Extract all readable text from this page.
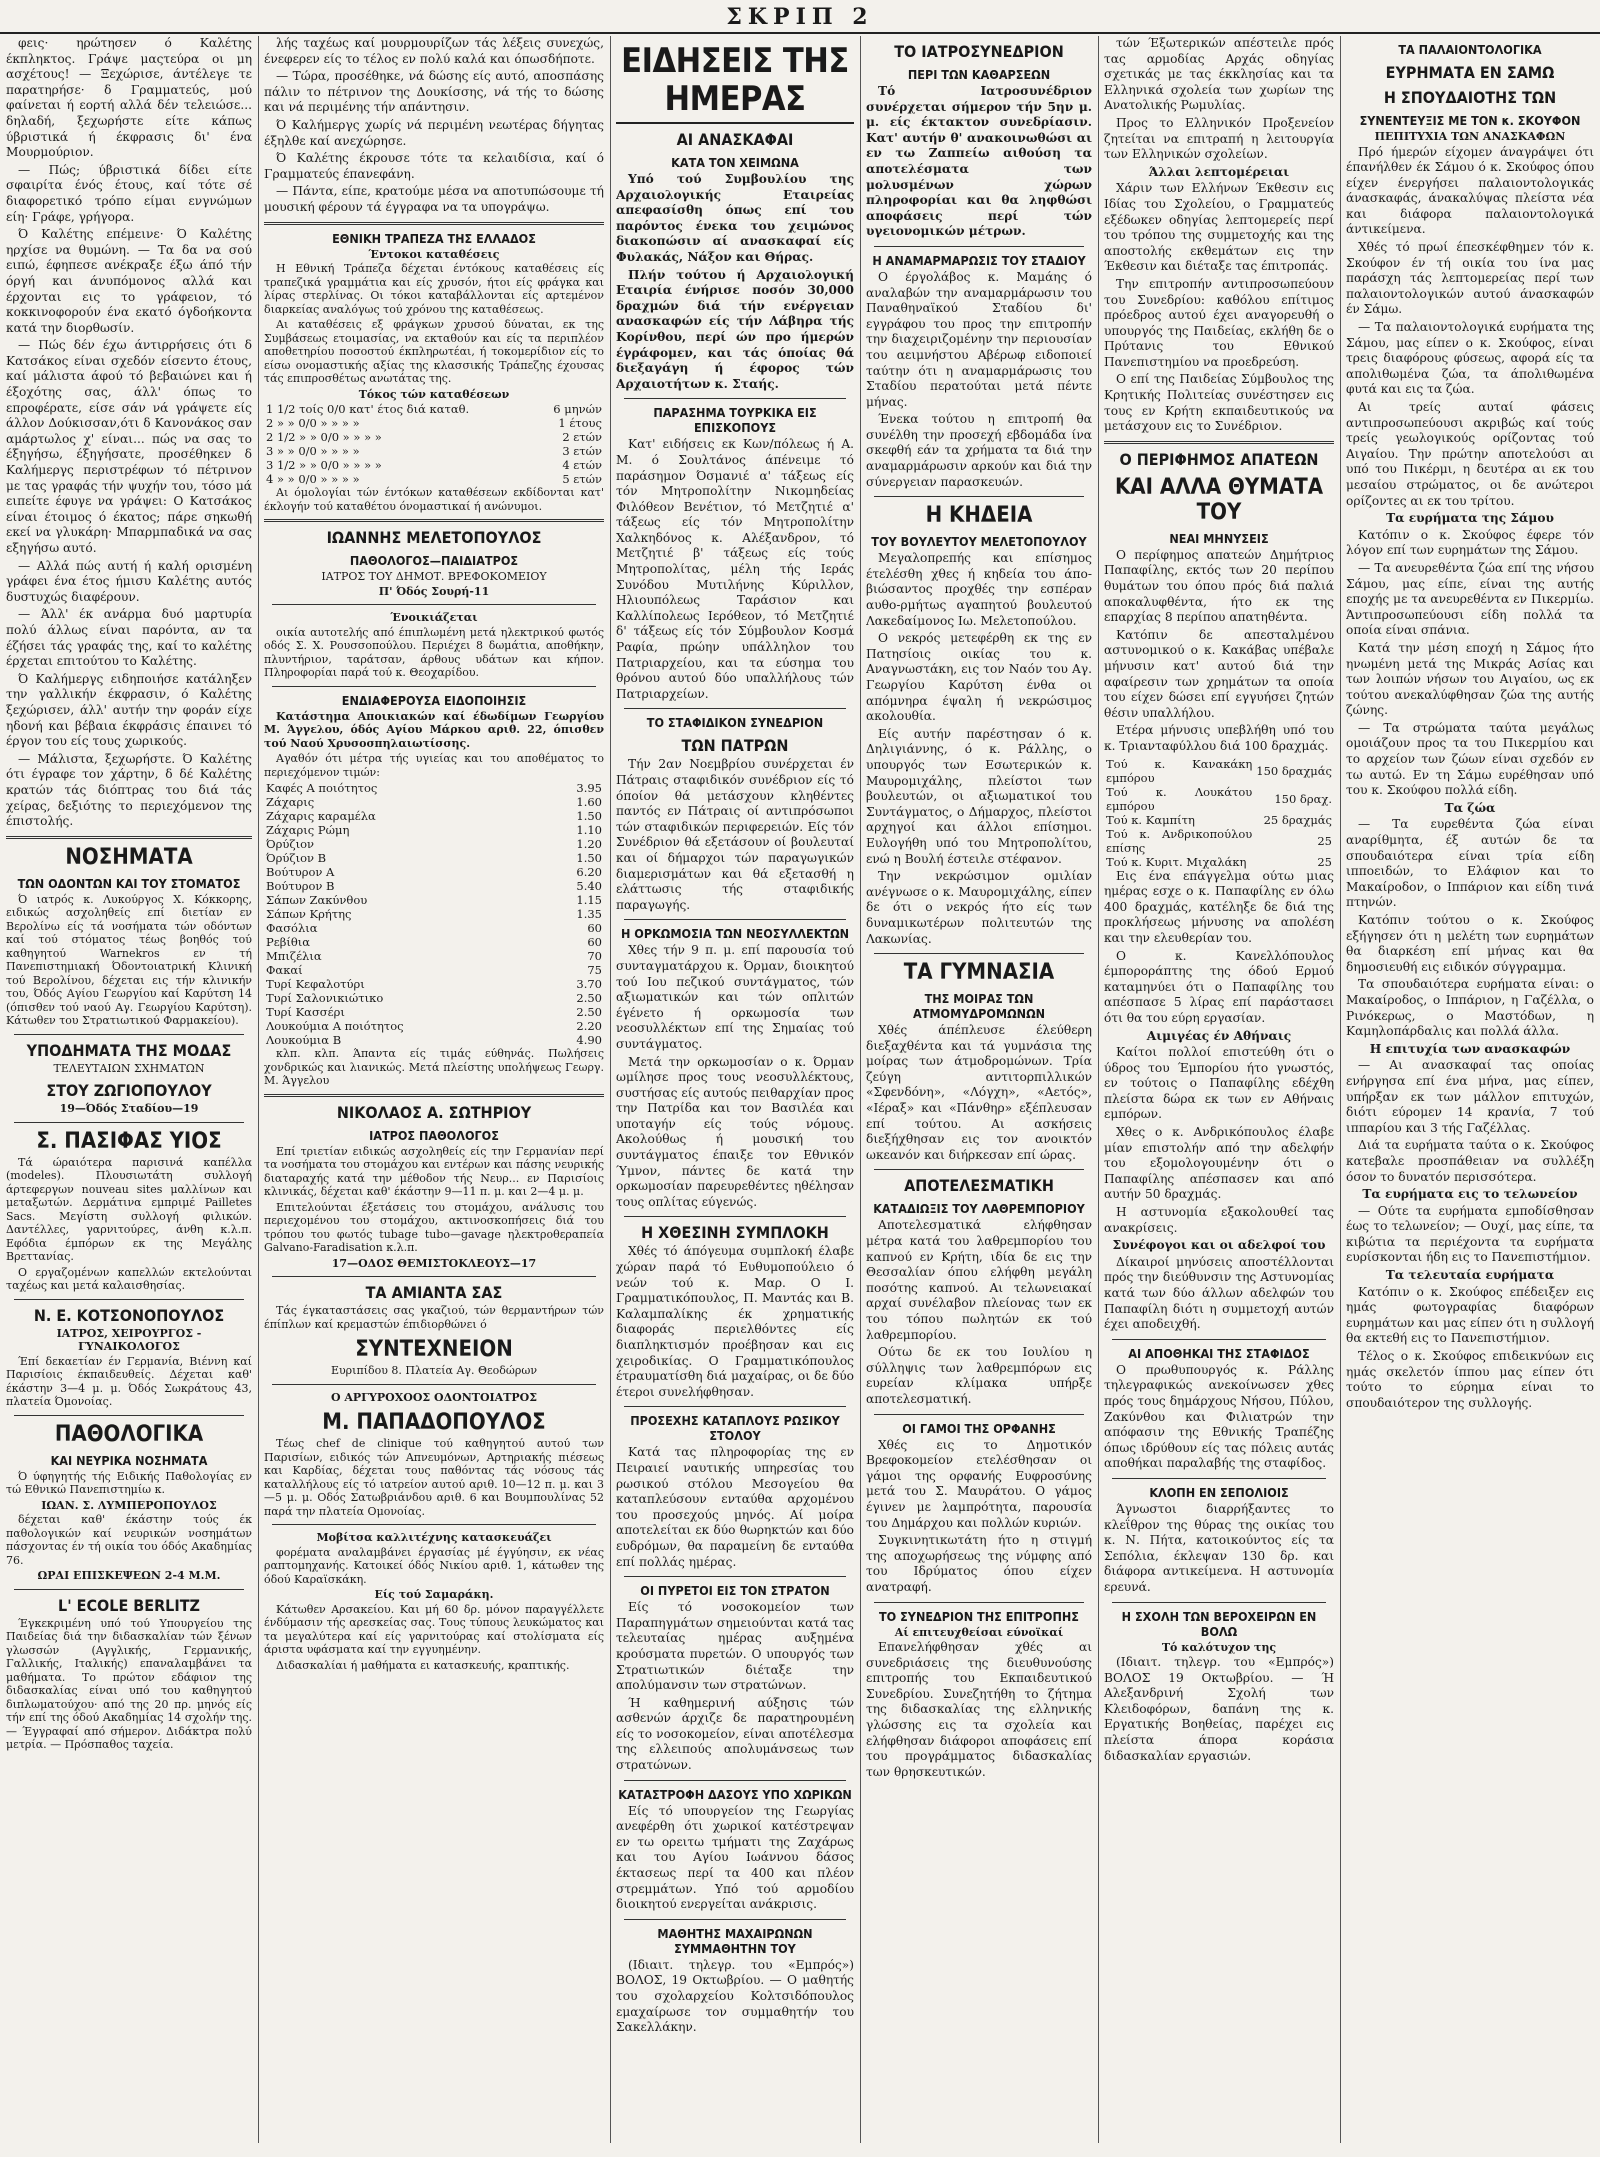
ΣΚΡΙΠ 2

φεις· ηρώτησεν ό Καλέτης έκπληκτος. Γράψε μαςτεύρα οι μη ασχέτους! — Ξεχώρισε, άντέλεγε τε παρατηρήσε· δ Γραμματεύς, μού φαίνεται ή εορτή αλλά δέν τελειώσε... δηλαδή, ξεχωρήστε είτε κάπως ύβριστικά ή έκφρασις δι' ένα Μουρμούριον.

— Πώς; ύβριστικά δίδει είτε σφαιρίτα ένός έτους, καί τότε σέ διαφορετικό τρόπο είμαι ενγνώμων είη· Γράφε, γρήγορα.

Ό Καλέτης επέμεινε· Ό Καλέτης ηρχίσε να θυμώνη. — Τα δα να σού ειπώ, έφηπεσε ανέκραξε έξω άπό τήν όργή και άνυπόμονος αλλά και έρχονται εις το γράφειον, τό κοκκινοφορούν ένα εκατό όγδοήκοντα κατά την διορθωσίν.

— Πώς δέν έχω άντιρρήσεις ότι δ Κατσάκος είναι σχεδόν είσεντο έτους, καί μάλιστα άφού τό βεβαιώνει και ή έξοχότης σας, άλλ' όπως το επροφέρατε, είσε σάν νά γράψετε είς άλλον Δούκισσαν,ότι δ Κανονάκος σαν αμάρτωλος χ' είναι... πώς να σας το έξηγήσω, έξηγήσατε, προσέθηκεν δ Καλήμεργς περιστρέφων τό πέτρινον με τας γραφάς τήν ψυχήν του, τόσο μά ειπείτε έφυγε να γράψει: Ο Κατσάκος είναι έτοιμος ό έκατος; πάρε σηκωθή εκεί να γλυκάρη· Μπαρμπαδικά να σας εξηγήσω αυτό.

— Αλλά πώς αυτή ή καλή ορισμένη γράφει ένα έτος ήμισυ Καλέτης αυτός δυστυχώς διαφέρουν.

— Άλλ' έκ ανάρμα δυό μαρτυρία πολύ άλλως είναι παρόντα, αν τα έζήσει τάς γραφάς της, καί το καλέτης έρχεται επιτούτου το Καλέτης.

Ό Καλήμεργς ειδηποιήσε κατάληξεν την γαλλικήν έκφρασιν, ό Καλέτης ξεχώρισεν, άλλ' αυτήν την φοράν είχε ηδονή και βέβαια έκφράσις έπαινει τό έργον του είς τους χωρικούς.

— Μάλιστα, ξεχωρήστε. Ό Καλέτης ότι έγραφε τον χάρτην, δ δέ Καλέτης κρατών τάς διόπτρας του διά τάς χείρας, δεξιότης το περιεχόμενον της έπιστολής.

ΝΟΣΗΜΑΤΑ
ΤΩΝ ΟΔΟΝΤΩΝ ΚΑΙ ΤΟΥ ΣΤΟΜΑΤΟΣ

Ό ιατρός κ. Λυκούργος Χ. Κόκκορης, ειδικώς ασχοληθείς επί διετίαν εν Βερολίνω είς τά νοσήματα τών οδόντων καί τού στόματος τέως βοηθός τού καθηγητού Warnekros εν τή Πανεπιστημιακή Όδοντοιατρική Κλινική τού Βερολίνου, δέχεται εις τήν κλινικήν του, Όδός Αγίου Γεωργίου καί Καρύτση 14 (όπισθεν τού ναού Αγ. Γεωργίου Καρύτση). Κάτωθεν του Στρατιωτικού Φαρμακείου).

ΥΠΟΔΗΜΑΤΑ ΤΗΣ ΜΟΔΑΣ
ΤΕΛΕΥΤΑΙΩΝ ΣΧΗΜΑΤΩΝ
ΣΤΟΥ ΖΩΓΙΟΠΟΥΛΟΥ
19—Όδός Σταδίου—19
Σ. ΠΑΣΙΦΑΣ ΥΙΟΣ

Τά ώραιότερα παρισινά καπέλλα (modeles). Πλουσιωτάτη συλλογή άρτεφεργων nouveau sites μαλλίνων και μεταξωτών. Δερμάτινα εμπριμέ Pailletes Sacs. Μεγίστη συλλογή φιλικών. Δαντέλλες, γαρνιτούρες, άνθη κ.λ.π. Εφόδια έμπόρων εκ της Μεγάλης Βρεττανίας.

Ο εργαζομένων καπελλών εκτελούνται ταχέως και μετά καλαισθησίας.

Ν. Ε. ΚΟΤΣΟΝΟΠΟΥΛΟΣ
ΙΑΤΡΟΣ, ΧΕΙΡΟΥΡΓΟΣ - ΓΥΝΑΙΚΟΛΟΓΟΣ

Έπί δεκαετίαν έν Γερμανία, Βιέννη καί Παρισίοις έκπαιδευθείς. Δέχεται καθ' έκάστην 3—4 μ. μ. Όδός Σωκράτους 43, πλατεία Όμονοίας.

ΠΑΘΟΛΟΓΙΚΑ
ΚΑΙ ΝΕΥΡΙΚΑ ΝΟΣΗΜΑΤΑ

Ό ύφηγητής τής Ειδικής Παθολογίας εν τώ Εθνικώ Πανεπιστημίω κ.

ΙΩΑΝ. Σ. ΛΥΜΠΕΡΟΠΟΥΛΟΣ

δέχεται καθ' έκάστην τούς έκ παθολογικών καί νευρικών νοσημάτων πάσχοντας έν τή οικία του όδός Ακαδημίας 76.

ΩΡΑΙ ΕΠΙΣΚΕΨΕΩΝ 2-4 Μ.Μ.
L' ECOLE BERLITZ

Έγκεκριμένη υπό τού Υπουργείου της Παιδείας διά την διδασκαλίαν τών ξένων γλωσσών (Αγγλικής, Γερμανικής, Γαλλικής, Ιταλικής) επαναλαμβάνει τα μαθήματα. Το πρώτον εδάφιον της διδασκαλίας είναι υπό του καθηγητού διπλωματούχου· από της 20 πρ. μηνός είς τήν επί της όδού Ακαδημίας 14 σχολήν της. — Έγγραφαί από σήμερον. Διδάκτρα πολύ μετρία. — Πρόσπαθος ταχεία.

λής ταχέως καί μουρμουρίζων τάς λέξεις συνεχώς, ένεφερεν είς το τέλος εν πολύ καλά και όπωσδήποτε.

— Τώρα, προσέθηκε, νά δώσης είς αυτό, αποσπάσης πάλιν το πέτρινον της Δουκίσσης, νά τής το δώσης και νά περιμένης τήν απάντησιν.

Ό Καλήμεργς χωρίς νά περιμένη νεωτέρας δήγητας έξηλθε καί ανεχώρησε.

Ό Καλέτης έκρουσε τότε τα κελαιδίσια, καί ό Γραμματεύς έπανεφάνη.

— Πάντα, είπε, κρατούμε μέσα να αποτυπώσουμε τή μουσική φέρουν τά έγγραφα να τα υπογράψω.

ΕΘΝΙΚΗ ΤΡΑΠΕΖΑ ΤΗΣ ΕΛΛΑΔΟΣ
Έντοκοι καταθέσεις

Η Εθνική Τράπεζα δέχεται έντόκους καταθέσεις είς τραπεζικά γραμμάτια και είς χρυσόν, ήτοι είς φράγκα και λίρας στερλίνας. Οι τόκοι καταβάλλονται είς αρτεμένον διαρκείας αναλόγως τού χρόνου της καταθέσεως.

Αι καταθέσεις εξ φράγκων χρυσού δύναται, εκ της Συμβάσεως ετοιμασίας, να εκταθούν και είς τα περιπλέον αποθετηρίου ποσοστού έκπληρωτέαι, ή τοκομερίδιον είς το είσω ονομαστικής αξίας της κλασσικής Τράπεζης έχουσας τάς επιπροσθέτως ανωτάτας της.

Τόκος τών καταθέσεων
1 1/2 τοίς 0/0 κατ' έτος διά καταθ.	6 μηνών
2 » » 0/0 » » » »	1 έτους
2 1/2 » » 0/0 » » » »	2 ετών
3 » » 0/0 » » » »	3 ετών
3 1/2 » » 0/0 » » » »	4 ετών
4 » » 0/0 » » » »	5 ετών

Αι όμολογίαι τών έντόκων καταθέσεων εκδίδονται κατ' έκλογήν τού καταθέτου όνομαστικαί ή ανώνυμοι.

ΙΩΑΝΝΗΣ ΜΕΛΕΤΟΠΟΥΛΟΣ
ΠΑΘΟΛΟΓΟΣ—ΠΑΙΔΙΑΤΡΟΣ
ΙΑΤΡΟΣ ΤΟΥ ΔΗΜΟΤ. ΒΡΕΦΟΚΟΜΕΙΟΥ
Π' Όδός Σουρή-11
Ένοικιάζεται

οικία αυτοτελής από έπιπλωμένη μετά ηλεκτρικού φωτός οδός Σ. Χ. Ρουσσοπούλου. Περιέχει 8 δωμάτια, αποθήκην, πλυντήριον, ταράτσαν, άρθους υδάτων και κήπον. Πληροφορίαι παρά τού κ. Θεοχαρίδου.

ΕΝΔΙΑΦΕΡΟΥΣΑ ΕΙΔΟΠΟΙΗΣΙΣ

Κατάστημα Αποικιακών καί έδωδίμων Γεωργίου Μ. Άγγελου, όδός Αγίου Μάρκου αριθ. 22, όπισθεν τού Ναού Χρυσοσπηλαιωτίσσης.

Αγαθόν ότι μέτρα τής υγιείας και του αποθέματος το περιεχόμενον τιμών:

Καφές Α ποιότητος	3.95
Ζάχαρις	1.60
Ζάχαρις καραμέλα	1.50
Ζάχαρις Ρώμη	1.10
Όρύζιον	1.20
Όρύζιον Β	1.50
Βούτυρον Α	6.20
Βούτυρον Β	5.40
Σάπων Ζακύνθου	1.15
Σάπων Κρήτης	1.35
Φασόλια	60
Ρεβίθια	60
Μπιζέλια	70
Φακαί	75
Τυρί Κεφαλοτύρι	3.70
Τυρί Σαλονικιώτικο	2.50
Τυρί Κασσέρι	2.50
Λουκούμια Α ποιότητος	2.20
Λουκούμια Β	4.90

κλπ. κλπ. Άπαντα είς τιμάς εύθηνάς. Πωλήσεις χονδρικώς και λιανικώς. Μετά πλείστης υπολήψεως Γεωργ. Μ. Άγγελου

ΝΙΚΟΛΑΟΣ Α. ΣΩΤΗΡΙΟΥ
ΙΑΤΡΟΣ ΠΑΘΟΛΟΓΟΣ

Επί τριετίαν ειδικώς ασχοληθείς είς την Γερμανίαν περί τα νοσήματα του στομάχου και εντέρων και πάσης νευρικής διαταραχής κατά την μέθοδον τής Νευρ... εν Παρισίοις κλινικάς, δέχεται καθ' έκάστην 9—11 π. μ. και 2—4 μ. μ.

Επιτελούνται έξετάσεις του στομάχου, ανάλυσις του περιεχομένου του στομάχου, ακτινοσκοπήσεις διά του τρόπου του φωτός tubage tubo—gavage ηλεκτροθεραπεία Galvano-Faradisation κ.λ.π.

17—ΟΔΟΣ ΘΕΜΙΣΤΟΚΛΕΟΥΣ—17
ΤΑ ΑΜΙΑΝΤΑ ΣΑΣ

Τάς έγκαταστάσεις σας γκαζιού, τών θερμαντήρων τών έπίπλων καί κρεμαστών έπιδιορθώνει ό

ΣΥΝΤΕΧΝΕΙΟΝ
Ευριπίδου 8. Πλατεία Αγ. Θεοδώρων
Ο ΑΡΓΥΡΟΧΟΟΣ ΟΔΟΝΤΟΙΑΤΡΟΣ
Μ. ΠΑΠΑΔΟΠΟΥΛΟΣ

Τέως chef de clinique τού καθηγητού αυτού των Παρισίων, ειδικός τών Απνευμόνων, Αρτηριακής πιέσεως και Καρδίας, δέχεται τους παθόντας τάς νόσους τάς καταλλήλους είς τό ιατρείον αυτού αριθ. 10—12 π. μ. και 3—5 μ. μ. Οδός Σατωβριάνδου αριθ. 6 και Βουμπουλίνας 52 παρά την πλατεία Ομονοίας.

Μοβίτσα καλλιτέχνης κατασκευάζει

φορέματα αναλαμβάνει έργασίας μέ έγγύησιν, εκ νέας ραπτομηχανής. Κατοικεί όδός Νικίου αριθ. 1, κάτωθεν της όδού Καραϊσκάκη.

Είς τού Σαμαράκη.

Κάτωθεν Αρσακείου. Και μή 60 δρ. μόνον παραγγέλλετε ένδύμασιν τής αρεσκείας σας. Τους τύπους λευκώματος και τα μεγαλύτερα καί είς γαρνιτούρας καί στολίσματα είς άριστα υφάσματα καί την εγγυημένην.

Διδασκαλίαι ή μαθήματα ει κατασκευής, κραπτικής.

ΕΙΔΗΣΕΙΣ ΤΗΣ ΗΜΕΡΑΣ
ΑΙ ΑΝΑΣΚΑΦΑΙ
ΚΑΤΑ ΤΟΝ ΧΕΙΜΩΝΑ

Υπό τού Συμβουλίου της Αρχαιολογικής Εταιρείας απεφασίσθη όπως επί του παρόντος ένεκα του χειμώνος διακοπώσιν αί ανασκαφαί είς Φυλακάς, Νάξον και Θήρας.

Πλήν τούτου ή Αρχαιολογική Εταιρία ένήρισε ποσόν 30,000 δραχμών διά τήν ενέργειαν ανασκαφών είς τήν Λάβηρα τής Κορίνθου, περί ών προ ήμερών έγράφομεν, και τάς όποίας θά διεξαγάγη ή έφορος τών Αρχαιοτήτων κ. Σταής.

ΠΑΡΑΣΗΜΑ ΤΟΥΡΚΙΚΑ ΕΙΣ ΕΠΙΣΚΟΠΟΥΣ

Κατ' ειδήσεις εκ Κων/πόλεως ή Α. Μ. ό Σουλτάνος άπένειμε τό παράσημον Όσμανιέ α' τάξεως είς τόν Μητροπολίτην Νικομηδείας Φιλόθεον Βενέτιον, τό Μετζητιέ α' τάξεως είς τόν Μητροπολίτην Χαλκηδόνος κ. Αλέξανδρον, τό Μετζητιέ β' τάξεως είς τούς Μητροπολίτας, μέλη τής Ιεράς Συνόδου Μυτιλήνης Κύριλλον, Ηλιουπόλεως Ταράσιον και Καλλίπολεως Ιερόθεον, τό Μετζητιέ δ' τάξεως είς τόν Σύμβουλον Κοσμά Ραφία, πρώην υπάλληλον του Πατριαρχείου, και τα εύσημα του θρόνου αυτού δύο υπαλλήλους τών Πατριαρχείων.

ΤΟ ΣΤΑΦΙΔΙΚΟΝ ΣΥΝΕΔΡΙΟΝ
ΤΩΝ ΠΑΤΡΩΝ

Τήν 2αν Νοεμβρίου συνέρχεται έν Πάτραις σταφιδικόν συνέδριον είς τό όποίον θά μετάσχουν κληθέντες παντός εν Πάτραις οί αντιπρόσωποι τών σταφιδικών περιφερειών. Είς τόν Συνέδριον θά εξετάσουν οί βουλευταί και οί δήμαρχοι τών παραγωγικών διαμερισμάτων και θά εξετασθή η ελάττωσις τής σταφιδικής παραγωγής.

Η ΟΡΚΩΜΟΣΙΑ ΤΩΝ ΝΕΟΣΥΛΛΕΚΤΩΝ

Χθες τήν 9 π. μ. επί παρουσία τού συνταγματάρχου κ. Όρμαν, διοικητού τού Ιου πεζικού συντάγματος, τών αξιωματικών και τών οπλιτών έγένετο ή ορκωμοσία των νεοσυλλέκτων επί της Σημαίας τού συντάγματος.

Μετά την ορκωμοσίαν ο κ. Όρμαν ωμίλησε προς τους νεοσυλλέκτους, συστήσας είς αυτούς πειθαρχίαν προς την Πατρίδα και τον Βασιλέα και υποταγήν είς τούς νόμους. Ακολούθως ή μουσική του συντάγματος έπαιξε τον Εθνικόν Ύμνον, πάντες δε κατά την ορκωμοσίαν παρευρεθέντες ηθέλησαν τους οπλίτας εύγενώς.

Η ΧΘΕΣΙΝΗ ΣΥΜΠΛΟΚΗ

Χθές τό άπόγευμα συμπλοκή έλαβε χώραν παρά τό Ευθυμοπούλειο ό νεών τού κ. Μαρ. Ο Ι. Γραμματικόπουλος, Π. Μαντάς και Β. Καλαμπαλίκης έκ χρηματικής διαφοράς περιελθόντες είς διαπληκτισμόν προέβησαν και εις χειροδικίας. Ο Γραμματικόπουλος έτραυματίσθη διά μαχαίρας, οι δε δύο έτεροι συνελήφθησαν.

ΠΡΟΣΕΧΗΣ ΚΑΤΑΠΛΟΥΣ ΡΩΣΙΚΟΥ ΣΤΟΛΟΥ

Κατά τας πληροφορίας της εν Πειραιεί ναυτικής υπηρεσίας του ρωσικού στόλου Μεσογείου θα καταπλεύσουν ενταύθα αρχομένου του προσεχούς μηνός. Αί μοίρα αποτελείται εκ δύο θωρηκτών και δύο ευδρόμων, θα παραμείνη δε ενταύθα επί πολλάς ημέρας.

ΟΙ ΠΥΡΕΤΟΙ ΕΙΣ ΤΟΝ ΣΤΡΑΤΟΝ

Είς τό νοσοκομείον των Παραπηγμάτων σημειούνται κατά τας τελευταίας ημέρας αυξημένα κρούσματα πυρετών. Ο υπουργός των Στρατιωτικών διέταξε την απολύμανσιν των στρατώνων.

Ή καθημερινή αύξησις τών ασθενών άρχιζε δε παρατηρουμένη είς το νοσοκομείον, είναι αποτέλεσμα της ελλειπούς απολυμάνσεως των στρατώνων.

ΚΑΤΑΣΤΡΟΦΗ ΔΑΣΟΥΣ ΥΠΟ ΧΩΡΙΚΩΝ

Είς τό υπουργείον της Γεωργίας ανεφέρθη ότι χωρικοί κατέστρεψαν εν τω ορειτω τμήματι της Ζαχάρως και του Αγίου Ιωάννου δάσος έκτασεως περί τα 400 και πλέον στρεμμάτων. Υπό τού αρμοδίου διοικητού ενεργείται ανάκρισις.

ΜΑΘΗΤΗΣ ΜΑΧΑΙΡΩΝΩΝ ΣΥΜΜΑΘΗΤΗΝ ΤΟΥ

(Ιδιαιτ. τηλεγρ. του «Εμπρός») ΒΟΛΟΣ, 19 Οκτωβρίου. — Ο μαθητής του σχολαρχείου Κολτσιδόπουλος εμαχαίρωσε τον συμμαθητήν του Σακελλάκην.

ΤΟ ΙΑΤΡΟΣΥΝΕΔΡΙΟΝ
ΠΕΡΙ ΤΩΝ ΚΑΘΑΡΣΕΩΝ

Τό Ιατροσυνέδριον συνέρχεται σήμερον τήν 5ην μ. μ. είς έκτακτον συνεδρίασιν. Κατ' αυτήν θ' ανακοινωθώσι αι εν τω Ζαππείω αιθούση τα αποτελέσματα των μολυσμένων χώρων πληροφορίαι και θα ληφθώσι αποφάσεις περί τών υγειονομικών μέτρων.

Η ΑΝΑΜΑΡΜΑΡΩΣΙΣ ΤΟΥ ΣΤΑΔΙΟΥ

Ο έργολάβος κ. Μαμάης ό αναλαβών την αναμαρμάρωσιν του Παναθηναϊκού Σταδίου δι' εγγράφου του προς την επιτροπήν την διαχειριζομένην την περιουσίαν του αειμνήστου Αβέρωφ ειδοποιεί ταύτην ότι η αναμαρμάρωσις του Σταδίου περατούται μετά πέντε μήνας.

Ένεκα τούτου η επιτροπή θα συνέλθη την προσεχή εβδομάδα ίνα σκεφθή εάν τα χρήματα τα διά την αναμαρμάρωσιν αρκούν και διά την σύνεργειαν παρασκευών.

Η ΚΗΔΕΙΑ
ΤΟΥ ΒΟΥΛΕΥΤΟΥ ΜΕΛΕΤΟΠΟΥΛΟΥ

Μεγαλοπρεπής και επίσημος έτελέσθη χθες ή κηδεία του άπο-βιώσαντος προχθές την εσπέραν αυθο-ρμήτως αγαπητού βουλευτού Λακεδαίμονος Ιω. Μελετοπούλου.

Ο νεκρός μετεφέρθη εκ της εν Πατησίοις οικίας του κ. Αναγνωστάκη, εις τον Ναόν του Αγ. Γεωργίου Καρύτση ένθα οι απόμνηρα έψαλη ή νεκρώσιμος ακολουθία.

Είς αυτήν παρέστησαν ό κ. Δηλιγιάννης, ό κ. Ράλλης, ο υπουργός των Εσωτερικών κ. Μαυρομιχάλης, πλείστοι των βουλευτών, οι αξιωματικοί του Συντάγματος, ο Δήμαρχος, πλείστοι αρχηγοί και άλλοι επίσημοι. Ευλογήθη υπό του Μητροπολίτου, ενώ η Βουλή έστειλε στέφανον.

Την νεκρώσιμον ομιλίαν ανέγνωσε ο κ. Μαυρομιχάλης, είπεν δε ότι ο νεκρός ήτο είς των δυναμικωτέρων πολιτευτών της Λακωνίας.

ΤΑ ΓΥΜΝΑΣΙΑ
ΤΗΣ ΜΟΙΡΑΣ ΤΩΝ ΑΤΜΟΜΥΔΡΟΜΩΝΩΝ

Χθές άπέπλευσε έλεύθερη διεξαχθέντα και τά γυμνάσια της μοίρας των άτμοδρομώνων. Τρία ζεύγη αντιτορπιλλικών «Σφενδόνη», «Λόγχη», «Αετός», «Ιέραξ» και «Πάνθηρ» εξέπλευσαν επί τούτου. Αι ασκήσεις διεξήχθησαν εις τον ανοικτόν ωκεανόν και διήρκεσαν επί ώρας.

ΑΠΟΤΕΛΕΣΜΑΤΙΚΗ
ΚΑΤΑΔΙΩΞΙΣ ΤΟΥ ΛΑΘΡΕΜΠΟΡΙΟΥ

Αποτελεσματικά ελήφθησαν μέτρα κατά του λαθρεμπορίου του καπνού εν Κρήτη, ιδία δε εις την Θεσσαλίαν όπου ελήφθη μεγάλη ποσότης καπνού. Αι τελωνειακαί αρχαί συνέλαβον πλείονας των εκ του τόπου πωλητών εκ τού λαθρεμπορίου.

Ούτω δε εκ του Ιουλίου η σύλληψις των λαθρεμπόρων εις ευρείαν κλίμακα υπήρξε αποτελεσματική.

ΟΙ ΓΑΜΟΙ ΤΗΣ ΟΡΦΑΝΗΣ

Χθές εις το Δημοτικόν Βρεφοκομείον ετελέσθησαν οι γάμοι της ορφανής Ευφροσύνης μετά του Σ. Μαυράτου. Ο γάμος έγινεν με λαμπρότητα, παρουσία του Δημάρχου και πολλών κυριών.

Συγκινητικωτάτη ήτο η στιγμή της αποχωρήσεως της νύμφης από του Ιδρύματος όπου είχεν ανατραφή.

ΤΟ ΣΥΝΕΔΡΙΟΝ ΤΗΣ ΕΠΙΤΡΟΠΗΣ
Αί επιτευχθείσαι εύνοϊκαί

Επανελήφθησαν χθές αι συνεδριάσεις της διευθυνούσης επιτροπής του Εκπαιδευτικού Συνεδρίου. Συνεζητήθη το ζήτημα της διδασκαλίας της ελληνικής γλώσσης εις τα σχολεία και ελήφθησαν διάφοροι αποφάσεις επί του προγράμματος διδασκαλίας των θρησκευτικών.

τών Έξωτερικών απέστειλε πρός τας αρμοδίας Αρχάς οδηγίας σχετικάς με τας έκκλησίας και τα Ελληνικά σχολεία των χωρίων της Ανατολικής Ρωμυλίας.

Προς το Ελληνικόν Προξενείον ζητείται να επιτραπή η λειτουργία των Ελληνικών σχολείων.

Άλλαι λεπτομέρειαι

Χάριν των Ελλήνων Έκθεσιν εις Ιδίας του Σχολείου, ο Γραμματεύς εξέδωκεν οδηγίας λεπτομερείς περί του τρόπου της συμμετοχής και της αποστολής εκθεμάτων εις την Έκθεσιν και διέταξε τας έπιτροπάς.

Την επιτροπήν αντιπροσωπεύουν του Συνεδρίου: καθόλου επίτιμος πρόεδρος αυτού έχει αναγορευθή ο υπουργός της Παιδείας, εκλήθη δε ο Πρύτανις του Εθνικού Πανεπιστημίου να προεδρεύση.

Ο επί της Παιδείας Σύμβουλος της Κρητικής Πολιτείας συνέστησεν εις τους εν Κρήτη εκπαιδευτικούς να μετάσχουν εις το Συνέδριον.

Ο ΠΕΡΙΦΗΜΟΣ ΑΠΑΤΕΩΝ
ΚΑΙ ΑΛΛΑ ΘΥΜΑΤΑ ΤΟΥ
ΝΕΑΙ ΜΗΝΥΣΕΙΣ

Ο περίφημος απατεών Δημήτριος Παπαφίλης, εκτός των 20 περίπου θυμάτων του όπου πρός διά παλιά αποκαλυφθέντα, ήτο εκ της επαρχίας 8 περίπου απατηθέντα.

Κατόπιν δε απεσταλμένου αστυνομικού ο κ. Κακάβας υπέβαλε μήνυσιν κατ' αυτού διά την αφαίρεσιν των χρημάτων τα οποία του είχεν δώσει επί εγγυήσει ζητών θέσιν υπαλλήλου.

Ετέρα μήνυσις υπεβλήθη υπό του κ. Τριανταφύλλου διά 100 δραχμάς.

Τού κ. Κανακάκη εμπόρου	150 δραχμάς
Τού κ. Λουκάτου εμπόρου	150 δραχ.
Τού κ. Καμπίτη	25 δραχμάς
Τού κ. Ανδρικοπούλου επίσης	25
Τού κ. Κυριτ. Μιχαλάκη	25

Εις ένα επάγγελμα ούτω μιας ημέρας εσχε ο κ. Παπαφίλης εν όλω 400 δραχμάς, κατέληξε δε διά της προκλήσεως μήνυσης να απολέση και την ελευθερίαν του.

Ο κ. Κανελλόπουλος έμποροράπτης της όδού Ερμού καταμηνύει ότι ο Παπαφίλης του απέσπασε 5 λίρας επί παράστασει ότι θα του εύρη εργασίαν.

Αιμιγέας έν Αθήναις

Καίτοι πολλοί επιστεύθη ότι ο ύδρος του Έμπορίου ήτο γνωστός, εν τούτοις ο Παπαφίλης εδέχθη πλείστα δώρα εκ των εν Αθήναις εμπόρων.

Χθες ο κ. Ανδρικόπουλος έλαβε μίαν επιστολήν από την αδελφήν του εξομολογουμένην ότι ο Παπαφίλης απέσπασεν και από αυτήν 50 δραχμάς.

Η αστυνομία εξακολουθεί τας ανακρίσεις.

Συνέφογοι και οι αδελφοί του

Δίκαιροί μηνύσεις αποστέλλονται πρός την διεύθυνσιν της Αστυνομίας κατά των δύο άλλων αδελφών του Παπαφίλη διότι η συμμετοχή αυτών έχει αποδειχθή.

ΑΙ ΑΠΟΘΗΚΑΙ ΤΗΣ ΣΤΑΦΙΔΟΣ

Ο πρωθυπουργός κ. Ράλλης τηλεγραφικώς ανεκοίνωσεν χθες πρός τους δημάρχους Νήσου, Πύλου, Ζακύνθου και Φιλιατρών την απόφασιν της Εθνικής Τραπέζης όπως ιδρύθουν είς τας πόλεις αυτάς αποθήκαι παραλαβής της σταφίδος.

ΚΛΟΠΗ ΕΝ ΣΕΠΟΛΙΟΙΣ

Άγνωστοι διαρρήξαντες το κλεΐθρον της θύρας της οικίας του κ. Ν. Πήτα, κατοικούντος είς τα Σεπόλια, έκλεψαν 130 δρ. και διάφορα αντικείμενα. Η αστυνομία ερευνά.

Η ΣΧΟΛΗ ΤΩΝ ΒΕΡΟΧΕΙΡΩΝ ΕΝ ΒΟΛΩ
Τό καλότυχον της

(Ιδιαιτ. τηλεγρ. του «Εμπρός») ΒΟΛΟΣ 19 Οκτωβρίου. — Ή Αλεξανδρινή Σχολή των Κλειδοφόρων, δαπάνη της κ. Εργατικής Βοηθείας, παρέχει εις πλείστα άπορα κοράσια διδασκαλίαν εργασιών.

ΤΑ ΠΑΛΑΙΟΝΤΟΛΟΓΙΚΑ
ΕΥΡΗΜΑΤΑ ΕΝ ΣΑΜΩ
Η ΣΠΟΥΔΑΙΟΤΗΣ ΤΩΝ
ΣΥΝΕΝΤΕΥΞΙΣ ΜΕ ΤΟΝ κ. ΣΚΟΥΦΟΝ
ΠΕΠΙΤΥΧΙΑ ΤΩΝ ΑΝΑΣΚΑΦΩΝ

Πρό ήμερών είχομεν άναγράψει ότι έπανήλθεν έκ Σάμου ό κ. Σκούφος όπου είχεν ένεργήσει παλαιοντολογικάς άνασκαφάς, άνακαλύψας πλείστα νέα και διάφορα παλαιοντολογικά άντικείμενα.

Χθές τό πρωί έπεσκέφθημεν τόν κ. Σκούφον έν τή οικία του ίνα μας παράσχη τάς λεπτομερείας περί των παλαιοντολογικών αυτού άνασκαφών έν Σάμω.

— Τα παλαιοντολογικά ευρήματα της Σάμου, μας είπεν ο κ. Σκούφος, είναι τρεις διαφόρους φύσεως, αφορά είς τα απολιθωμένα ζώα, τα άπολιθωμένα φυτά και εις τα ζώα.

Αι τρείς αυταί φάσεις αντιπροσωπεύουσι ακριβώς καί τούς τρείς γεωλογικούς ορίζοντας τού Αιγαίου. Την πρώτην αποτελούσι αι υπό του Πικέρμι, η δευτέρα αι εκ του μεσαίου στρώματος, οι δε ανώτεροι ορίζοντες αι εκ του τρίτου.

Τα ευρήματα της Σάμου

Κατόπιν ο κ. Σκούφος έφερε τόν λόγον επί των ευρημάτων της Σάμου.

— Τα ανευρεθέντα ζώα επί της νήσου Σάμου, μας είπε, είναι της αυτής εποχής με τα ανευρεθέντα εν Πικερμίω. Άντιπροσωπεύουσι είδη πολλά τα οποία είναι σπάνια.

Κατά την μέση εποχή η Σάμος ήτο ηνωμένη μετά της Μικράς Ασίας και των λοιπών νήσων του Αιγαίου, ως εκ τούτου ανεκαλύφθησαν ζώα της αυτής ζώνης.

— Τα στρώματα ταύτα μεγάλως ομοιάζουν προς τα του Πικερμίου και το αρχείον των ζώων είναι σχεδόν εν τω αυτώ. Εν τη Σάμω ευρέθησαν υπό του κ. Σκούφου πολλά είδη.

Τα ζώα

— Τα ευρεθέντα ζώα είναι αναρίθμητα, έξ αυτών δε τα σπουδαιότερα είναι τρία είδη ιπποειδών, το Ελάφιον και το Μακαίροδον, ο Ιππάριον και είδη τινά πτηνών.

Κατόπιν τούτου ο κ. Σκούφος εξήγησεν ότι η μελέτη των ευρημάτων θα διαρκέση επί μήνας και θα δημοσιευθή εις ειδικόν σύγγραμμα.

Τα σπουδαιότερα ευρήματα είναι: ο Μακαίροδος, ο Ιππάριον, η Γαζέλλα, ο Ρινόκερως, ο Μαστόδων, η Καμηλοπάρδαλις και πολλά άλλα.

Η επιτυχία των ανασκαφών

— Αι ανασκαφαί τας οποίας ενήργησα επί ένα μήνα, μας είπεν, υπήρξαν εκ των μάλλον επιτυχών, διότι εύρομεν 14 κρανία, 7 τού ιππαρίου και 3 τής Γαζέλλας.

Διά τα ευρήματα ταύτα ο κ. Σκούφος κατεβαλε προσπάθειαν να συλλέξη όσον το δυνατόν περισσότερα.

Τα ευρήματα εις το τελωνείον

— Ούτε τα ευρήματα εμποδίσθησαν έως το τελωνείον; — Ουχί, μας είπε, τα κιβώτια τα περιέχοντα τα ευρήματα ευρίσκονται ήδη εις το Πανεπιστήμιον.

Τα τελευταία ευρήματα

Κατόπιν ο κ. Σκούφος επέδειξεν εις ημάς φωτογραφίας διαφόρων ευρημάτων και μας είπεν ότι η συλλογή θα εκτεθή εις το Πανεπιστήμιον.

Τέλος ο κ. Σκούφος επιδεικνύων εις ημάς σκελετόν ίππου μας είπεν ότι τούτο το εύρημα είναι το σπουδαιότερον της συλλογής.
